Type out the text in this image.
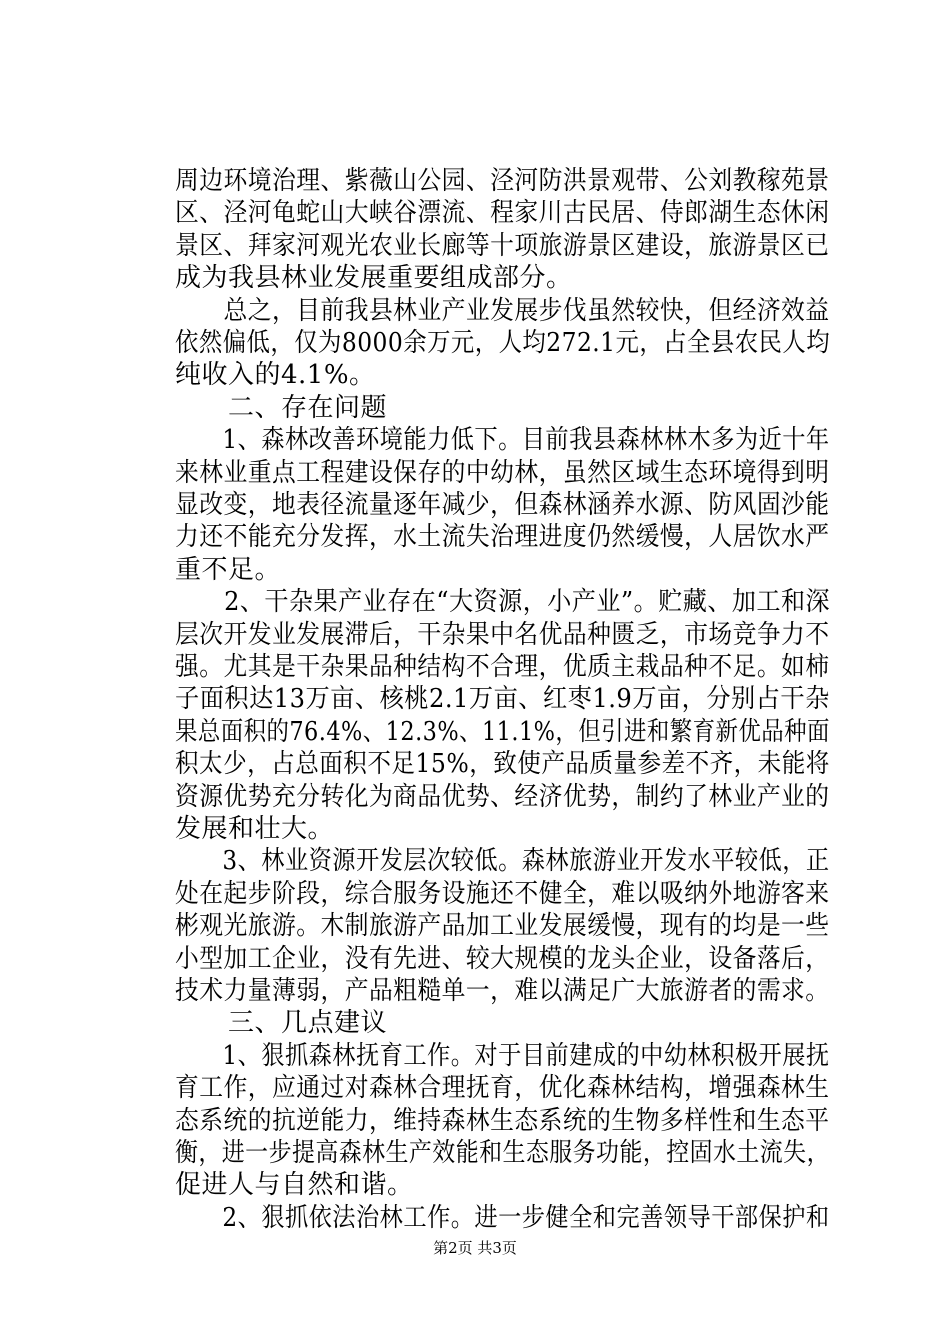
周边环境治理、紫薇山公园、泾河防洪景观带、公刘教稼苑景
区、泾河龟蛇山大峡谷漂流、程家川古民居、侍郎湖生态休闲
景区、拜家河观光农业长廊等十项旅游景区建设，旅游景区已
成为我县林业发展重要组成部分。
　　总之，目前我县林业产业发展步伐虽然较快，但经济效益
依然偏低，仅为8000余万元，人均272.1元，占全县农民人均
纯收入的4.1%。
　　二、存在问题
　　1、森林改善环境能力低下。目前我县森林林木多为近十年
来林业重点工程建设保存的中幼林，虽然区域生态环境得到明
显改变，地表径流量逐年减少，但森林涵养水源、防风固沙能
力还不能充分发挥，水土流失治理进度仍然缓慢，人居饮水严
重不足。
　　2、干杂果产业存在“大资源，小产业”。贮藏、加工和深
层次开发业发展滞后，干杂果中名优品种匮乏，市场竞争力不
强。尤其是干杂果品种结构不合理，优质主栽品种不足。如柿
子面积达13万亩、核桃2.1万亩、红枣1.9万亩，分别占干杂
果总面积的76.4%、12.3%、11.1%，但引进和繁育新优品种面
积太少，占总面积不足15%，致使产品质量参差不齐，未能将
资源优势充分转化为商品优势、经济优势，制约了林业产业的
发展和壮大。
　　3、林业资源开发层次较低。森林旅游业开发水平较低，正
处在起步阶段，综合服务设施还不健全，难以吸纳外地游客来
彬观光旅游。木制旅游产品加工业发展缓慢，现有的均是一些
小型加工企业，没有先进、较大规模的龙头企业，设备落后，
技术力量薄弱，产品粗糙单一，难以满足广大旅游者的需求。
　　三、几点建议
　　1、狠抓森林抚育工作。对于目前建成的中幼林积极开展抚
育工作，应通过对森林合理抚育，优化森林结构，增强森林生
态系统的抗逆能力，维持森林生态系统的生物多样性和生态平
衡，进一步提高森林生产效能和生态服务功能，控固水土流失，
促进人与自然和谐。
　　2、狠抓依法治林工作。进一步健全和完善领导干部保护和
第2页 共3页
